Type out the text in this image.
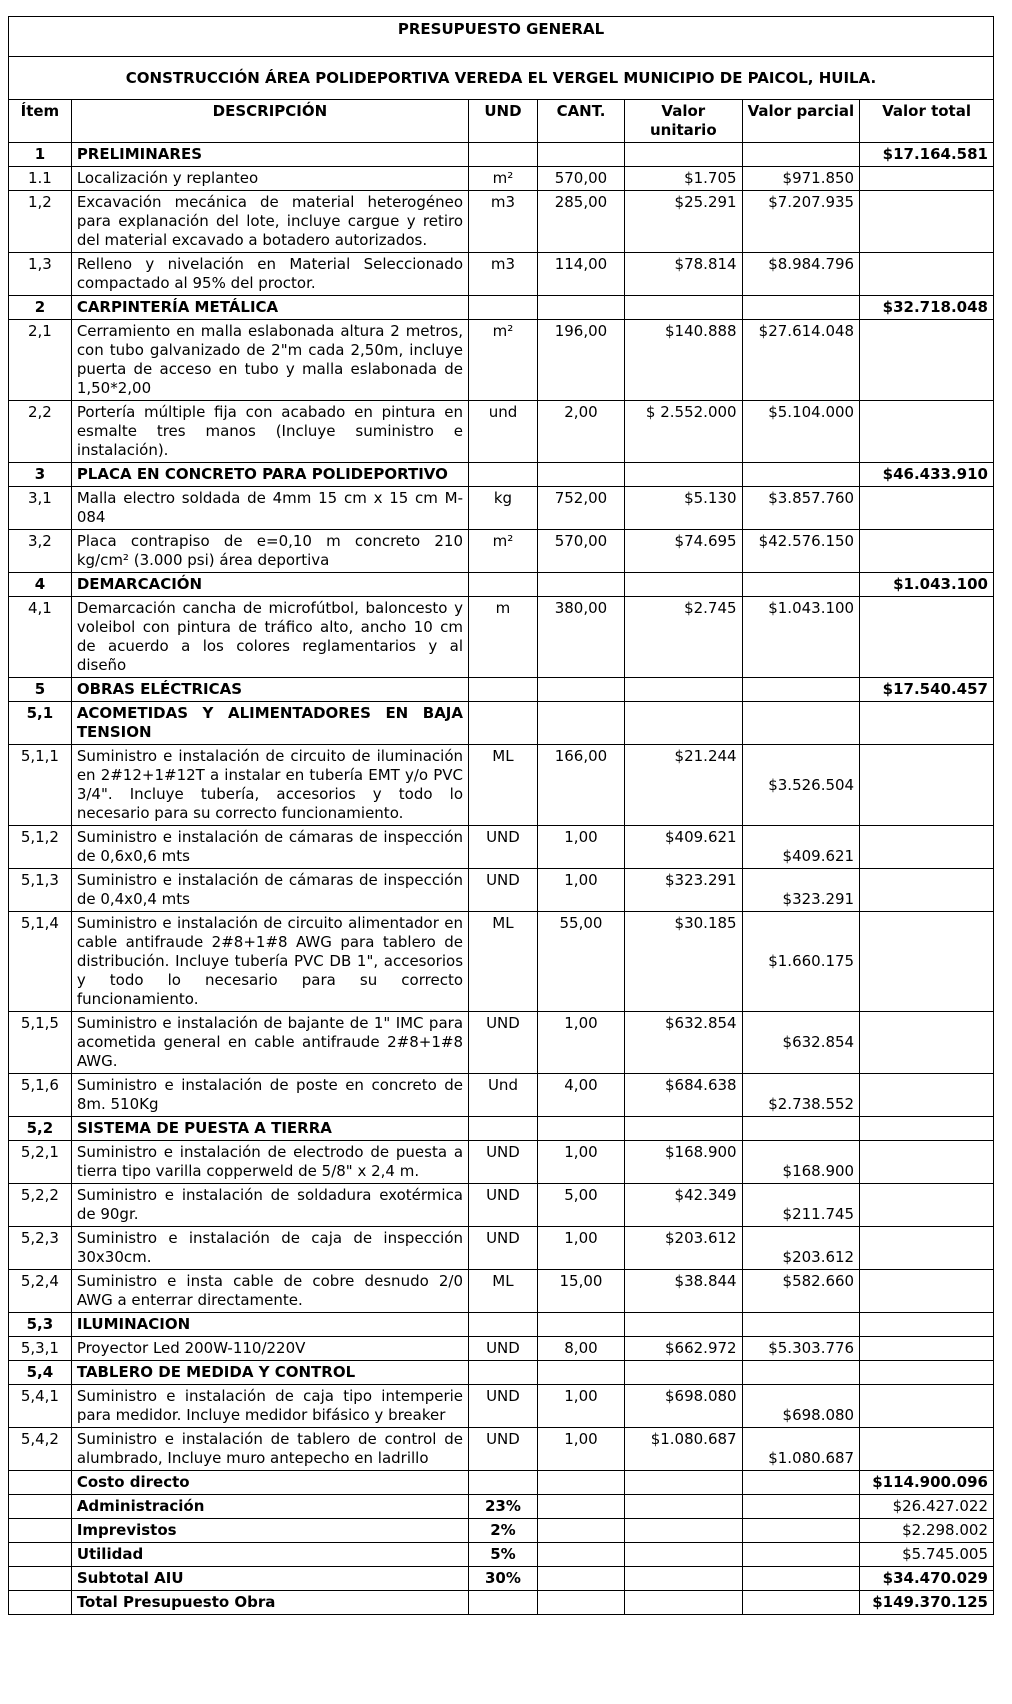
PRESUPUESTO GENERAL						
CONSTRUCCIÓN ÁREA POLIDEPORTIVA VEREDA EL VERGEL MUNICIPIO DE PAICOL, HUILA.						
Ítem	DESCRIPCIÓN	UND	CANT.	Valor unitario	Valor parcial	Valor total
1	PRELIMINARES					$17.164.581
1.1	Localización y replanteo	m²	570,00	$1.705	$971.850	
1,2	Excavación mecánica de material heterogéneo para explanación del lote, incluye cargue y retiro del material excavado a botadero autorizados.	m3	285,00	$25.291	$7.207.935	
1,3	Relleno y nivelación en Material Seleccionado compactado al 95% del proctor.	m3	114,00	$78.814	$8.984.796	
2	CARPINTERÍA METÁLICA					$32.718.048
2,1	Cerramiento en malla eslabonada altura 2 metros, con tubo galvanizado de 2"m cada 2,50m, incluye puerta de acceso en tubo y malla eslabonada de 1,50*2,00	m²	196,00	$140.888	$27.614.048	
2,2	Portería múltiple fija con acabado en pintura en esmalte tres manos (Incluye suministro e instalación).	und	2,00	$ 2.552.000	$5.104.000	
3	PLACA EN CONCRETO PARA POLIDEPORTIVO					$46.433.910
3,1	Malla electro soldada de 4mm 15 cm x 15 cm M-084	kg	752,00	$5.130	$3.857.760	
3,2	Placa contrapiso de e=0,10 m concreto 210 kg/cm² (3.000 psi) área deportiva	m²	570,00	$74.695	$42.576.150	
4	DEMARCACIÓN					$1.043.100
4,1	Demarcación cancha de microfútbol, baloncesto y voleibol con pintura de tráfico alto, ancho 10 cm de acuerdo a los colores reglamentarios y al diseño	m	380,00	$2.745	$1.043.100	
5	OBRAS ELÉCTRICAS					$17.540.457
5,1	ACOMETIDAS Y ALIMENTADORES EN BAJA TENSION					
5,1,1	Suministro e instalación de circuito de iluminación en 2#12+1#12T a instalar en tubería EMT y/o PVC 3/4". Incluye tubería, accesorios y todo lo necesario para su correcto funcionamiento.	ML	166,00	$21.244	$3.526.504	
5,1,2	Suministro e instalación de cámaras de inspección de 0,6x0,6 mts	UND	1,00	$409.621	$409.621	
5,1,3	Suministro e instalación de cámaras de inspección de 0,4x0,4 mts	UND	1,00	$323.291	$323.291	
5,1,4	Suministro e instalación de circuito alimentador en cable antifraude 2#8+1#8 AWG para tablero de distribución. Incluye tubería PVC DB 1", accesorios y todo lo necesario para su correcto funcionamiento.	ML	55,00	$30.185	$1.660.175	
5,1,5	Suministro e instalación de bajante de 1" IMC para acometida general en cable antifraude 2#8+1#8 AWG.	UND	1,00	$632.854	$632.854	
5,1,6	Suministro e instalación de poste en concreto de 8m. 510Kg	Und	4,00	$684.638	$2.738.552	
5,2	SISTEMA DE PUESTA A TIERRA					
5,2,1	Suministro e instalación de electrodo de puesta a tierra tipo varilla copperweld de 5/8" x 2,4 m.	UND	1,00	$168.900	$168.900	
5,2,2	Suministro e instalación de soldadura exotérmica de 90gr.	UND	5,00	$42.349	$211.745	
5,2,3	Suministro e instalación de caja de inspección 30x30cm.	UND	1,00	$203.612	$203.612	
5,2,4	Suministro e insta cable de cobre desnudo 2/0 AWG a enterrar directamente.	ML	15,00	$38.844	$582.660	
5,3	ILUMINACION					
5,3,1	Proyector Led 200W-110/220V	UND	8,00	$662.972	$5.303.776	
5,4	TABLERO DE MEDIDA Y CONTROL					
5,4,1	Suministro e instalación de caja tipo intemperie para medidor. Incluye medidor bifásico y breaker	UND	1,00	$698.080	$698.080	
5,4,2	Suministro e instalación de tablero de control de alumbrado, Incluye muro antepecho en ladrillo	UND	1,00	$1.080.687	$1.080.687	
	Costo directo					$114.900.096
	Administración	23%				$26.427.022
	Imprevistos	2%				$2.298.002
	Utilidad	5%				$5.745.005
	Subtotal AIU	30%				$34.470.029
	Total Presupuesto Obra					$149.370.125
